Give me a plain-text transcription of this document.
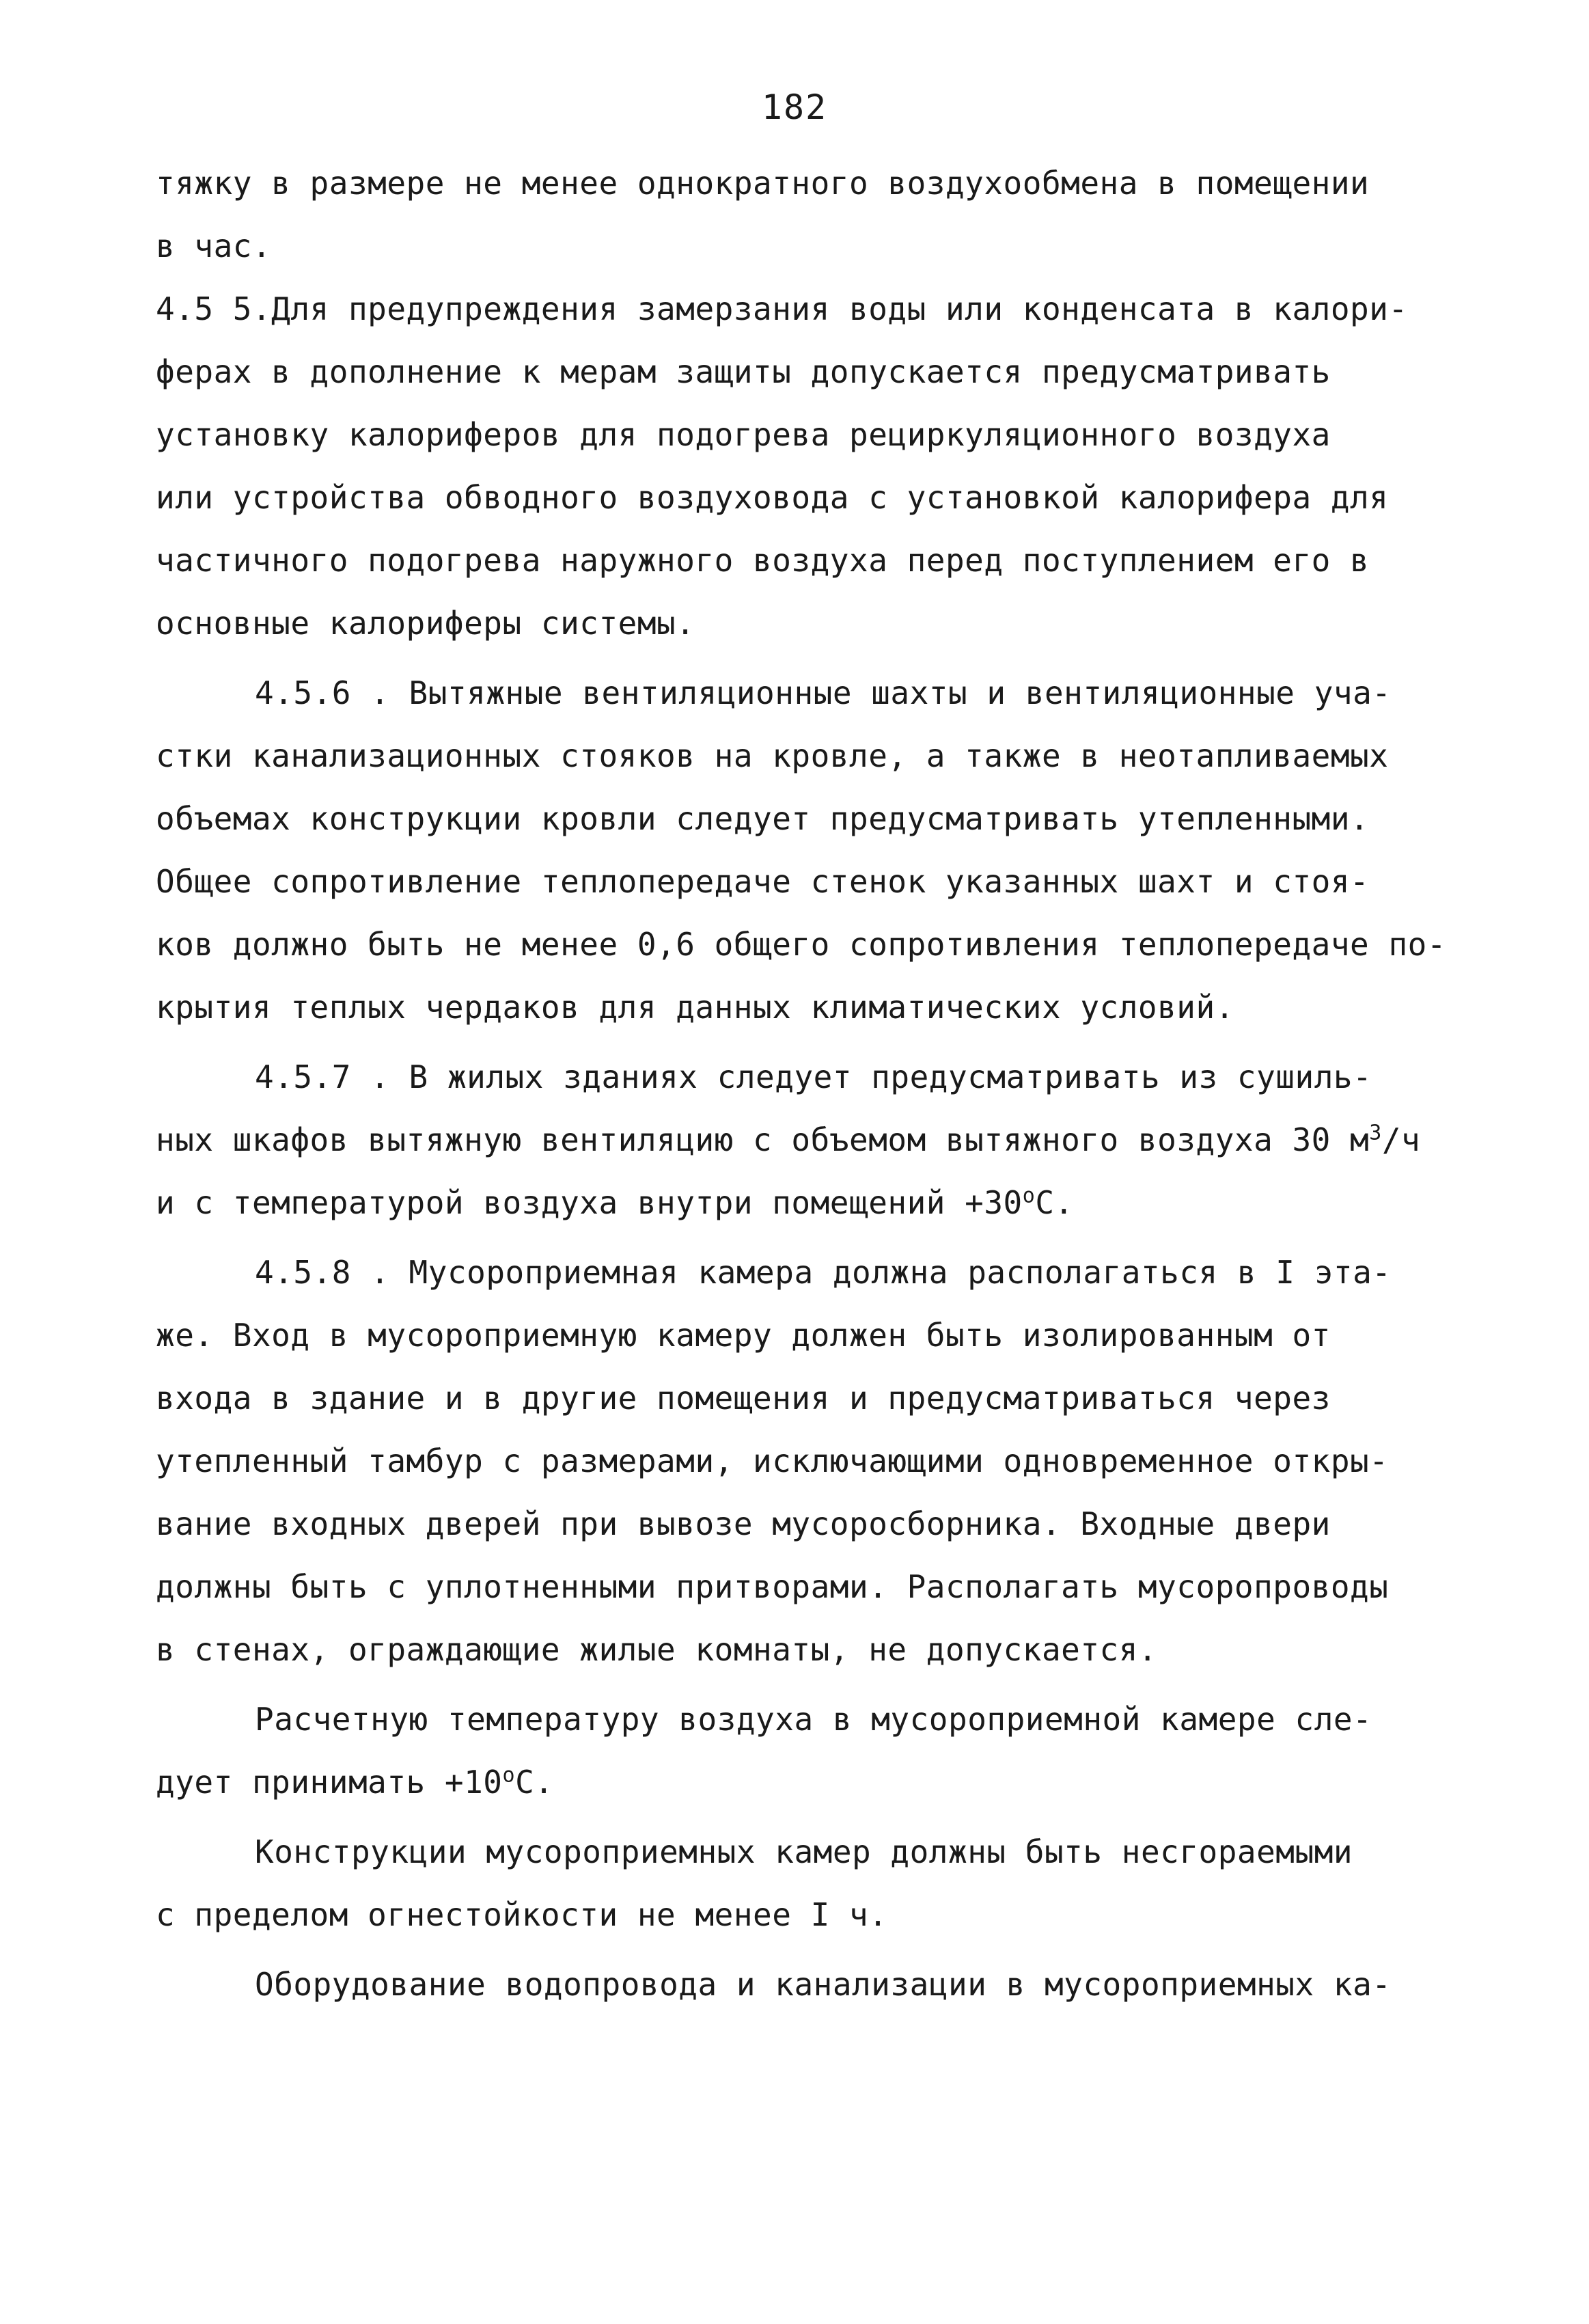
182
тяжку в размере не менее однократного воздухообмена в помещении
в час.
4.5 5.Для предупреждения замерзания воды или конденсата в калори-
ферах в дополнение к мерам защиты допускается предусматривать
установку калориферов для подогрева рециркуляционного воздуха
или устройства обводного воздуховода с установкой калорифера для
частичного подогрева наружного воздуха перед поступлением его в
основные калориферы системы.
4.5.6 . Вытяжные вентиляционные шахты и вентиляционные уча-
стки канализационных стояков на кровле, а также в неотапливаемых
объемах конструкции кровли следует предусматривать утепленными.
Общее сопротивление теплопередаче стенок указанных шахт и стоя-
ков должно быть не менее 0,6 общего сопротивления теплопередаче по-
крытия теплых чердаков для данных климатических условий.
4.5.7 . В жилых зданиях следует предусматривать из сушиль-
ных шкафов вытяжную вентиляцию с объемом вытяжного воздуха 30 $м^3/ч$
и с температурой воздуха внутри помещений $+30^оС$.
4.5.8 . Мусороприемная камера должна располагаться в I эта-
же. Вход в мусороприемную камеру должен быть изолированным от
входа в здание и в другие помещения и предусматриваться через
утепленный тамбур с размерами, исключающими одновременное откры-
вание входных дверей при вывозе мусоросборника. Входные двери
должны быть с уплотненными притворами. Располагать мусоропроводы
в стенах, ограждающие жилые комнаты, не допускается.
Расчетную температуру воздуха в мусороприемной камере сле-
дует принимать $+10^оС$.
Конструкции мусороприемных камер должны быть несгораемыми
с пределом огнестойкости не менее I ч.
Оборудование водопровода и канализации в мусороприемных ка-
